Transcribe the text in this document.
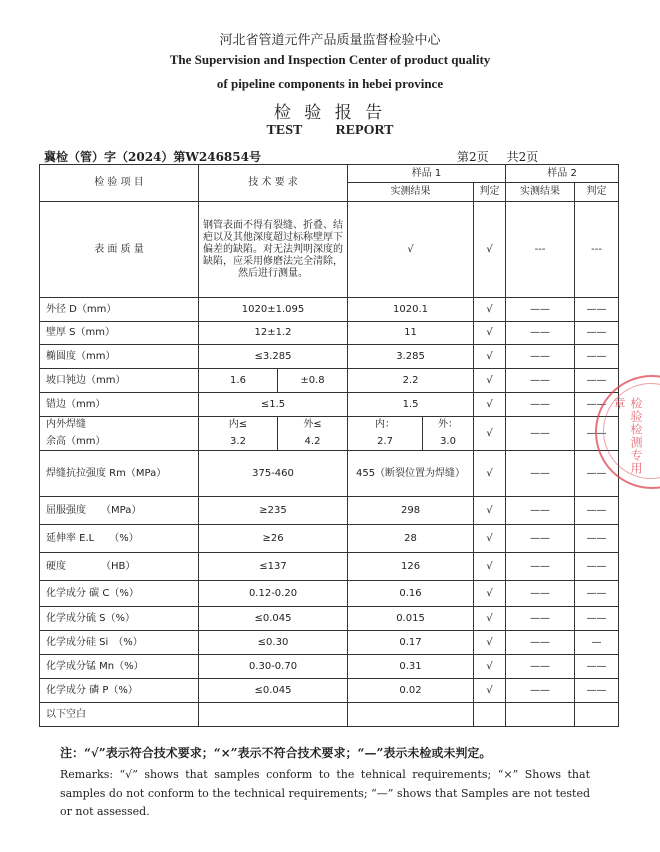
河北省管道元件产品质量监督检验中心
The Supervision and Inspection Center of product quality
of pipeline components in hebei province
检 验 报 告
TEST REPORT
冀检（管）字（2024）第W246854号	第2页 共2页
检 验 项 目	技 术 要 求		样品 1			样品 2	
			实测结果		判定	实测结果	判定
表 面 质 量	钢管表面不得有裂缝、折叠、结疤以及其他深度超过标称壁厚下偏差的缺陷。对无法判明深度的缺陷，应采用修磨法完全清除，然后进行测量。		√		√	---	---
外径 D（mm）	1020±1.095		1020.1		√	——	——
壁厚 S（mm）	12±1.2		11		√	——	——
椭圆度（mm）	≤3.285		3.285		√	——	——
坡口钝边（mm）	1.6	±0.8	2.2		√	——	——
错边（mm）	≤1.5		1.5		√	——	——
内外焊缝	内≤	外≤	内：	外：	√	——	——
余高（mm）	3.2	4.2	2.7	3.0			
焊缝抗拉强度 Rm（MPa）	375-460		455（断裂位置为焊缝）		√	——	——
屈服强度　　（MPa）	≥235		298		√	——	——
延伸率 E.L　　（%）	≥26		28		√	——	——
硬度　　　　（HB）	≤137		126		√	——	——
化学成分 碳 C（%）	0.12-0.20		0.16		√	——	——
化学成分硫 S（%）	≤0.045		0.015		√	——	——
化学成分硅 Si　（%）	≤0.30		0.17		√	——	—
化学成分锰 Mn（%）	0.30-0.70		0.31		√	——	——
化学成分 磷 P（%）	≤0.045		0.02		√	——	——
以下空白							
检验检测专用章
注：“√”表示符合技术要求；“×”表示不符合技术要求；“—”表示未检或未判定。
Remarks: “√” shows that samples conform to the tehnical requirements; “×” Shows that samples do not conform to the technical requirements; “—” shows that Samples are not tested or not assessed.
